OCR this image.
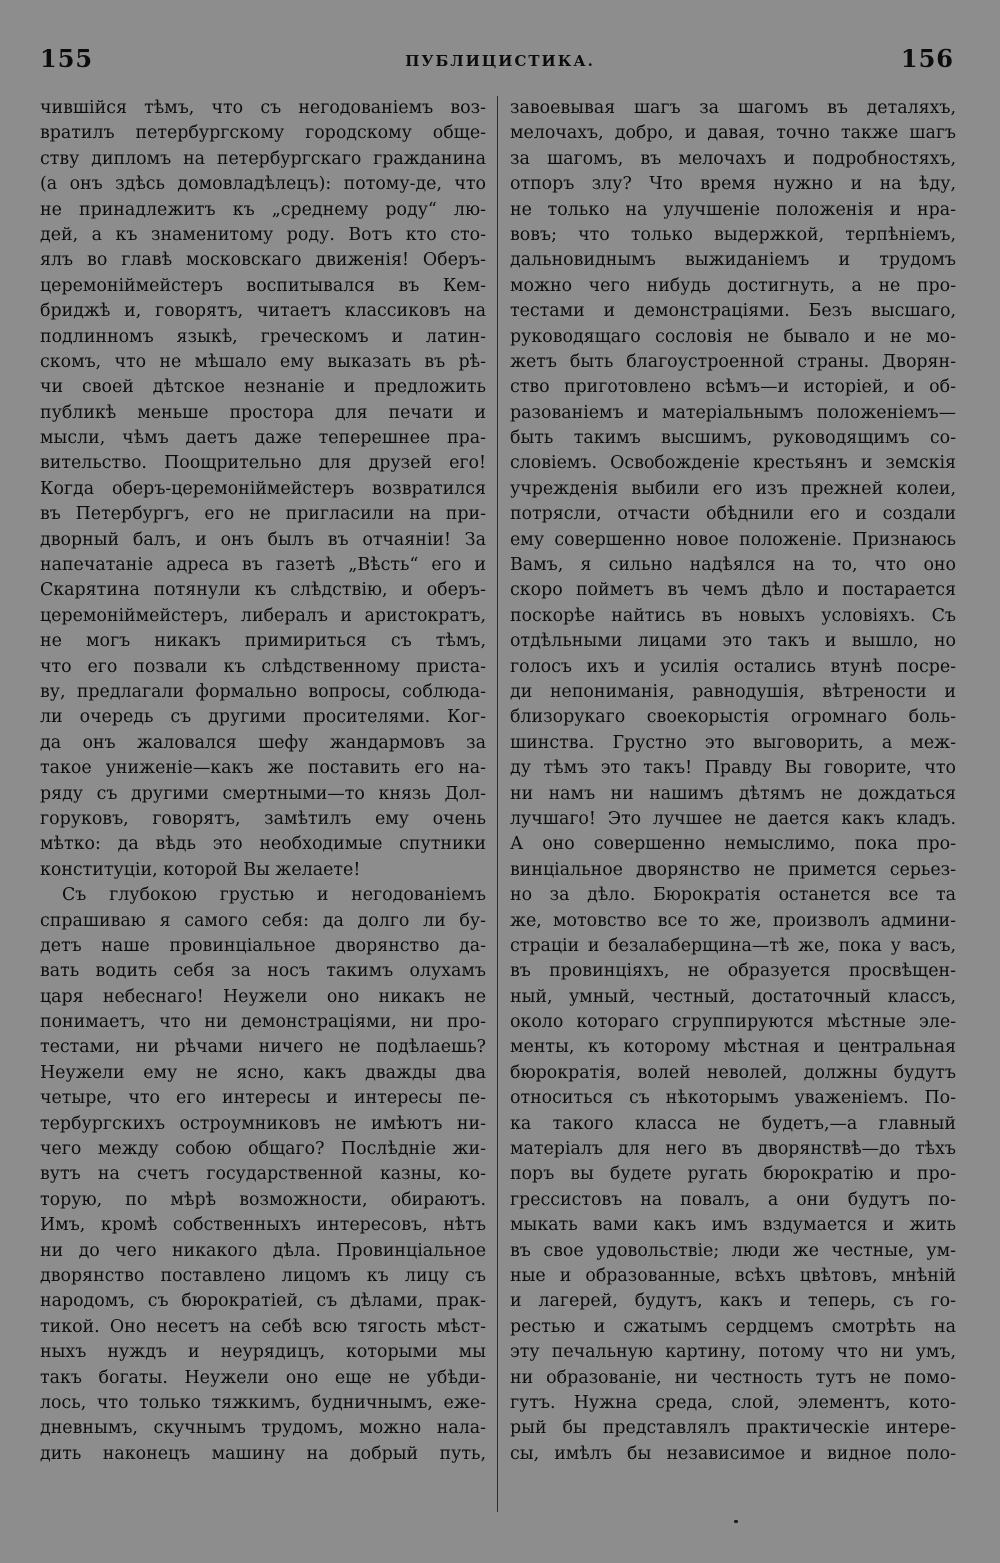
155	ПУБЛИЦИСТИКА.	156
чившійся тѣмъ, что съ негодованіемъ воз-
вратилъ петербургскому городскому обще-
ству дипломъ на петербургскаго гражданина
(а онъ здѣсь домовладѣлецъ): потому-де, что
не принадлежитъ къ „среднему роду“ лю-
дей, а къ знаменитому роду. Вотъ кто сто-
ялъ во главѣ московскаго движенія! Оберъ-
церемоніймейстеръ воспитывался въ Кем-
бриджѣ и, говорятъ, читаетъ классиковъ на
подлинномъ языкѣ, греческомъ и латин-
скомъ, что не мѣшало ему выказать въ рѣ-
чи своей дѣтское незнаніе и предложить
публикѣ меньше простора для печати и
мысли, чѣмъ даетъ даже теперешнее пра-
вительство. Поощрительно для друзей его!
Когда оберъ-церемоніймейстеръ возвратился
въ Петербургъ, его не пригласили на при-
дворный балъ, и онъ былъ въ отчаяніи! За
напечатаніе адреса въ газетѣ „Вѣсть“ его и
Скарятина потянули къ слѣдствію, и оберъ-
церемоніймейстеръ, либералъ и аристократъ,
не могъ никакъ примириться съ тѣмъ,
что его позвали къ слѣдственному приста-
ву, предлагали формально вопросы, соблюда-
ли очередь съ другими просителями. Ког-
да онъ жаловался шефу жандармовъ за
такое униженіе—какъ же поставить его на-
ряду съ другими смертными—то князь Дол-
горуковъ, говорятъ, замѣтилъ ему очень
мѣтко: да вѣдь это необходимые спутники
конституціи, которой Вы желаете!
Съ глубокою грустью и негодованіемъ
спрашиваю я самого себя: да долго ли бу-
детъ наше провинціальное дворянство да-
вать водить себя за носъ такимъ олухамъ
царя небеснаго! Неужели оно никакъ не
понимаетъ, что ни демонстраціями, ни про-
тестами, ни рѣчами ничего не подѣлаешь?
Неужели ему не ясно, какъ дважды два
четыре, что его интересы и интересы пе-
тербургскихъ остроумниковъ не имѣютъ ни-
чего между собою общаго? Послѣдніе жи-
вутъ на счетъ государственной казны, ко-
торую, по мѣрѣ возможности, обираютъ.
Имъ, кромѣ собственныхъ интересовъ, нѣтъ
ни до чего никакого дѣла. Провинціальное
дворянство поставлено лицомъ къ лицу съ
народомъ, съ бюрократіей, съ дѣлами, прак-
тикой. Оно несетъ на себѣ всю тягость мѣст-
ныхъ нуждъ и неурядицъ, которыми мы
такъ богаты. Неужели оно еще не убѣди-
лось, что только тяжкимъ, будничнымъ, еже-
дневнымъ, скучнымъ трудомъ, можно нала-
дить наконецъ машину на добрый путь,
завоевывая шагъ за шагомъ въ деталяхъ,
мелочахъ, добро, и давая, точно также шагъ
за шагомъ, въ мелочахъ и подробностяхъ,
отпоръ злу? Что время нужно и на ѣду,
не только на улучшеніе положенія и нра-
вовъ; что только выдержкой, терпѣніемъ,
дальновиднымъ выжиданіемъ и трудомъ
можно чего нибудь достигнуть, а не про-
тестами и демонстраціями. Безъ высшаго,
руководящаго сословія не бывало и не мо-
жетъ быть благоустроенной страны. Дворян-
ство приготовлено всѣмъ—и исторіей, и об-
разованіемъ и матеріальнымъ положеніемъ—
быть такимъ высшимъ, руководящимъ со-
словіемъ. Освобожденіе крестьянъ и земскія
учрежденія выбили его изъ прежней колеи,
потрясли, отчасти обѣднили его и создали
ему совершенно новое положеніе. Признаюсь
Вамъ, я сильно надѣялся на то, что оно
скоро пойметъ въ чемъ дѣло и постарается
поскорѣе найтись въ новыхъ условіяхъ. Съ
отдѣльными лицами это такъ и вышло, но
голосъ ихъ и усилія остались втунѣ посре-
ди непониманія, равнодушія, вѣтрености и
близорукаго своекорыстія огромнаго боль-
шинства. Грустно это выговорить, а меж-
ду тѣмъ это такъ! Правду Вы говорите, что
ни намъ ни нашимъ дѣтямъ не дождаться
лучшаго! Это лучшее не дается какъ кладъ.
А оно совершенно немыслимо, пока про-
винціальное дворянство не примется серьез-
но за дѣло. Бюрократія останется все та
же, мотовство все то же, произволъ админи-
страціи и безалаберщина—тѣ же, пока у васъ,
въ провинціяхъ, не образуется просвѣщен-
ный, умный, честный, достаточный классъ,
около котораго сгруппируются мѣстные эле-
менты, къ которому мѣстная и центральная
бюрократія, волей неволей, должны будутъ
относиться съ нѣкоторымъ уваженіемъ. По-
ка такого класса не будетъ,—а главный
матеріалъ для него въ дворянствѣ—до тѣхъ
поръ вы будете ругать бюрократію и про-
грессистовъ на повалъ, а они будутъ по-
мыкать вами какъ имъ вздумается и жить
въ свое удовольствіе; люди же честные, ум-
ные и образованные, всѣхъ цвѣтовъ, мнѣній
и лагерей, будутъ, какъ и теперь, съ го-
рестью и сжатымъ сердцемъ смотрѣть на
эту печальную картину, потому что ни умъ,
ни образованіе, ни честность тутъ не помо-
гутъ. Нужна среда, слой, элементъ, кото-
рый бы представлялъ практическіе интере-
сы, имѣлъ бы независимое и видное поло-
